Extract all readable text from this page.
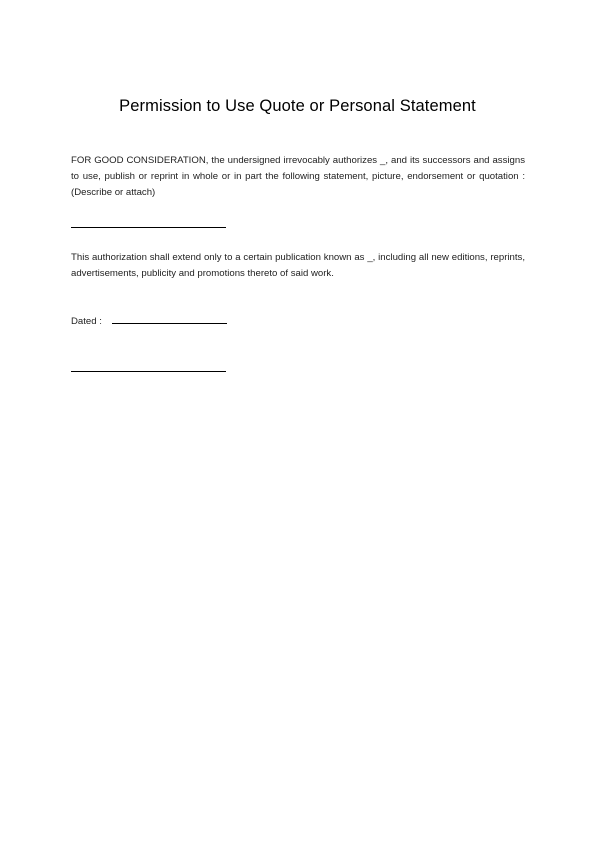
Permission to Use Quote or Personal Statement
FOR GOOD CONSIDERATION, the undersigned irrevocably authorizes _, and its successors and assigns to use, publish or reprint in whole or in part the following statement, picture, endorsement or quotation : (Describe or attach)
This authorization shall extend only to a certain publication known as _, including all new editions, reprints, advertisements, publicity and promotions thereto of said work.
Dated :
